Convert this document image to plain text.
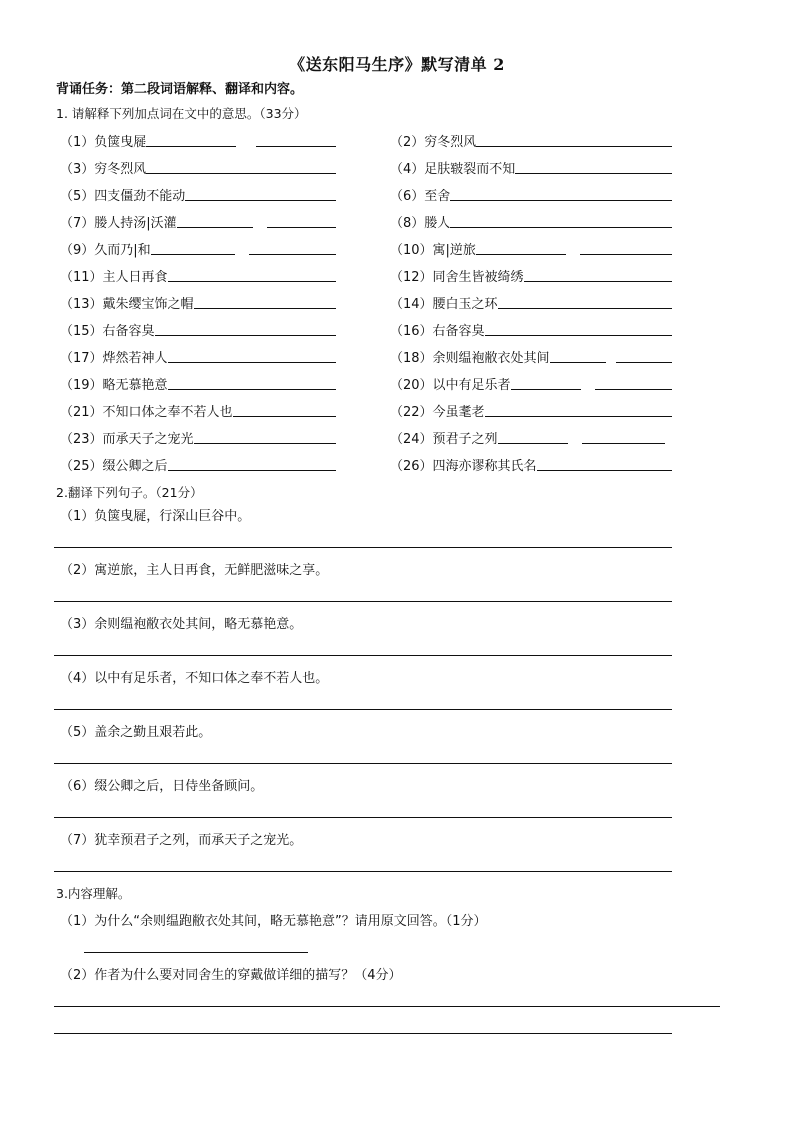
《送东阳马生序》默写清单 2
背诵任务：第二段词语解释、翻译和内容。
1. 请解释下列加点词在文中的意思。（33分）
（1）负箧曳屣	（2）穷冬烈风
（3）穷冬烈风	（4）足肤皲裂而不知
（5）四支僵劲不能动	（6）至舍
（7）媵人持汤|沃灌	（8）媵人
（9）久而乃|和	（10）寓|逆旅
（11）主人日再食	（12）同舍生皆被绮绣
（13）戴朱缨宝饰之帽	（14）腰白玉之环
（15）右备容臭	（16）右备容臭
（17）烨然若神人	（18）余则缊袍敝衣处其间
（19）略无慕艳意	（20）以中有足乐者
（21）不知口体之奉不若人也	（22）今虽耄老
（23）而承天子之宠光	（24）预君子之列
（25）缀公卿之后	（26）四海亦谬称其氏名
2.翻译下列句子。（21分）
（1）负箧曳屣，行深山巨谷中。
（2）寓逆旅，主人日再食，无鲜肥滋味之享。
（3）余则缊袍敝衣处其间，略无慕艳意。
（4）以中有足乐者，不知口体之奉不若人也。
（5）盖余之勤且艰若此。
（6）缀公卿之后，日侍坐备顾问。
（7）犹幸预君子之列，而承天子之宠光。
3.内容理解。
（1）为什么“余则缊跑敝衣处其间，略无慕艳意”？请用原文回答。（1分）
（2）作者为什么要对同舍生的穿戴做详细的描写？（4分）
